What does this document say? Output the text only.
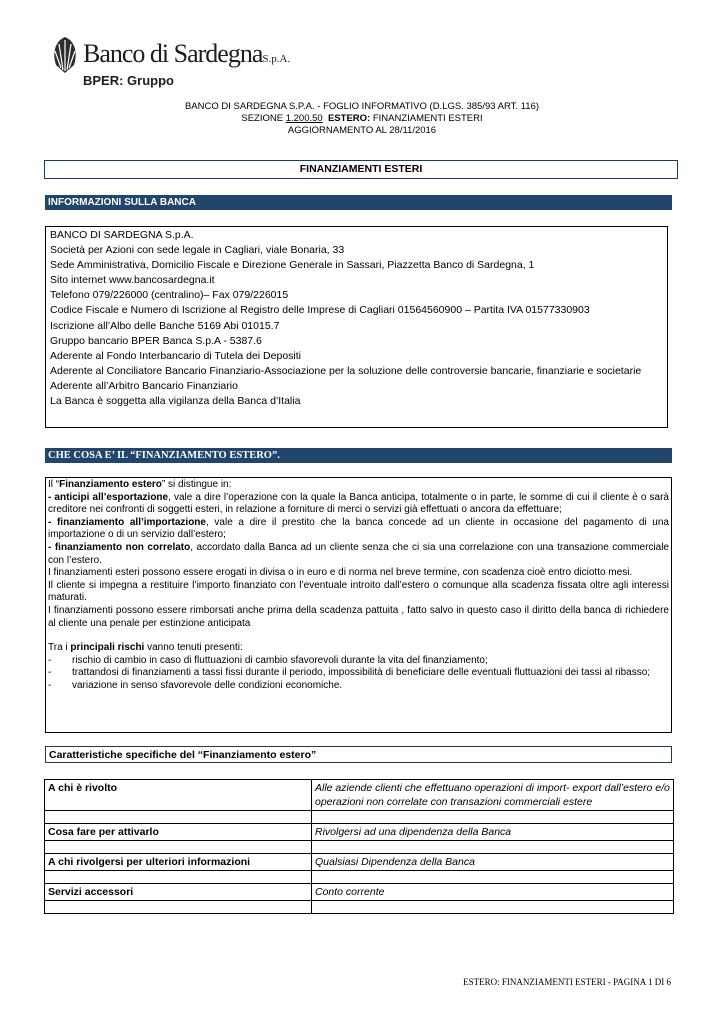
Banco di SardegnaS.p.A.
BPER: Gruppo
BANCO DI SARDEGNA S.P.A. - FOGLIO INFORMATIVO (D.LGS. 385/93 ART. 116)
SEZIONE 1.200.50 ESTERO: FINANZIAMENTI ESTERI
AGGIORNAMENTO AL 28/11/2016
FINANZIAMENTI ESTERI
INFORMAZIONI SULLA BANCA
BANCO DI SARDEGNA S.p.A.
Società per Azioni con sede legale in Cagliari, viale Bonaria, 33
Sede Amministrativa, Domicilio Fiscale e Direzione Generale in Sassari, Piazzetta Banco di Sardegna, 1
Sito internet www.bancosardegna.it
Telefono 079/226000 (centralino)– Fax 079/226015
Codice Fiscale e Numero di Iscrizione al Registro delle Imprese di Cagliari 01564560900 – Partita IVA 01577330903
Iscrizione all’Albo delle Banche 5169 Abi 01015.7
Gruppo bancario BPER Banca S.p.A - 5387.6
Aderente al Fondo Interbancario di Tutela dei Depositi
Aderente al Conciliatore Bancario Finanziario-Associazione per la soluzione delle controversie bancarie, finanziarie e societarie
Aderente all’Arbitro Bancario Finanziario
La Banca è soggetta alla vigilanza della Banca d’Italia
CHE COSA E’ IL “FINANZIAMENTO ESTERO”.

Il “Finanziamento estero” si distingue in:

- anticipi all’esportazione, vale a dire l’operazione con la quale la Banca anticipa, totalmente o in parte, le somme di cui il cliente è o sarà creditore nei confronti di soggetti esteri, in relazione a forniture di merci o servizi già effettuati o ancora da effettuare;

- finanziamento all’importazione, vale a dire il prestito che la banca concede ad un cliente in occasione del pagamento di una importazione o di un servizio dall’estero;

- finanziamento non correlato, accordato dalla Banca ad un cliente senza che ci sia una correlazione con una transazione commerciale con l’estero.

I finanziamenti esteri possono essere erogati in divisa o in euro e di norma nel breve termine, con scadenza cioè entro diciotto mesi.

Il cliente si impegna a restituire l’importo finanziato con l’eventuale introito dall’estero o comunque alla scadenza fissata oltre agli interessi maturati.

I finanziamenti possono essere rimborsati anche prima della scadenza pattuita , fatto salvo in questo caso il diritto della banca di richiedere al cliente una penale per estinzione anticipata

Tra i principali rischi vanno tenuti presenti:

-	rischio di cambio in caso di fluttuazioni di cambio sfavorevoli durante la vita del finanziamento;
-	trattandosi di finanziamenti a tassi fissi durante il periodo, impossibilità di beneficiare delle eventuali fluttuazioni dei tassi al ribasso;
-	variazione in senso sfavorevole delle condizioni economiche.
Caratteristiche specifiche del “Finanziamento estero”
A chi è rivolto	Alle aziende clienti che effettuano operazioni di import- export dall’estero e/o operazioni non correlate con transazioni commerciali estere

Cosa fare per attivarlo	Rivolgersi ad una dipendenza della Banca

A chi rivolgersi per ulteriori informazioni	Qualsiasi Dipendenza della Banca

Servizi accessori	Conto corrente

ESTERO: FINANZIAMENTI ESTERI - PAGINA 1 DI 6
